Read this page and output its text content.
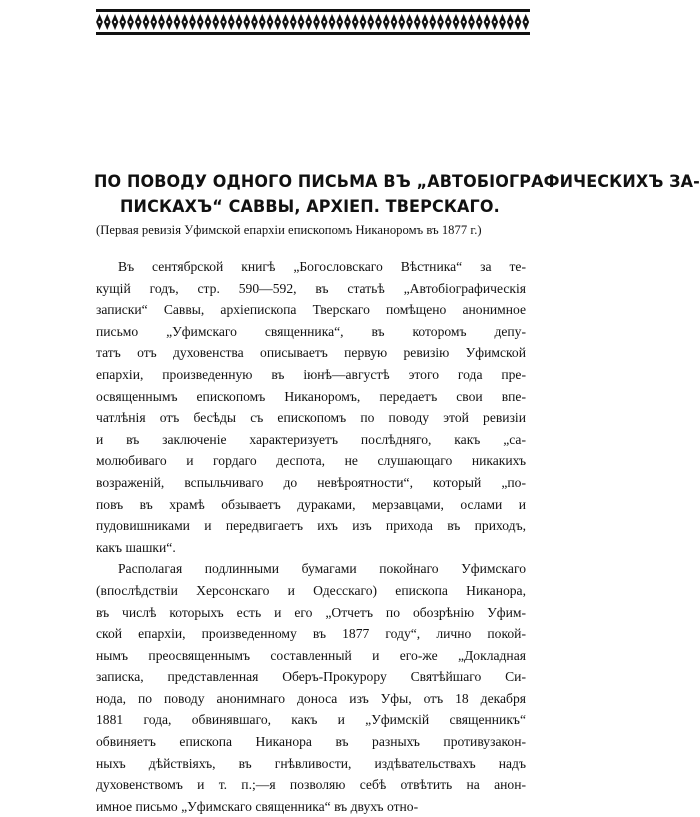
ПО ПОВОДУ ОДНОГО ПИСЬМА ВЪ „АВТОБІОГРАФИЧЕСКИХЪ ЗА-
ПИСКАХЪ“ САВВЫ, АРХІЕП. ТВЕРСКАГО.
(Первая ревизія Уфимской епархіи епископомъ Никаноромъ въ 1877 г.)
Въ сентябрской книгѣ „Богословскаго Вѣстника“ за те-
кущій годъ, стр. 590—592, въ статьѣ „Автобіографическія
записки“ Саввы, архіепископа Тверскаго помѣщено анонимное
письмо „Уфимскаго священника“, въ которомъ депу-
татъ отъ духовенства описываетъ первую ревизію Уфимской
епархіи, произведенную въ іюнѣ—августѣ этого года пре-
освященнымъ епископомъ Никаноромъ, передаетъ свои впе-
чатлѣнія отъ бесѣды съ епископомъ по поводу этой ревизіи
и въ заключеніе характеризуетъ послѣдняго, какъ „са-
молюбиваго и гордаго деспота, не слушающаго никакихъ
возраженій, вспыльчиваго до невѣроятности“, который „по-
повъ въ храмѣ обзываетъ дураками, мерзавцами, ослами и
пудовишниками и передвигаетъ ихъ изъ прихода въ приходъ,
какъ шашки“.
Располагая подлинными бумагами покойнаго Уфимскаго
(впослѣдствіи Херсонскаго и Одесскаго) епископа Никанора,
въ числѣ которыхъ есть и его „Отчетъ по обозрѣнію Уфим-
ской епархіи, произведенному въ 1877 году“, лично покой-
нымъ преосвященнымъ составленный и его-же „Докладная
записка, представленная Оберъ-Прокурору Святѣйшаго Си-
нода, по поводу анонимнаго доноса изъ Уфы, отъ 18 декабря
1881 года, обвинявшаго, какъ и „Уфимскій священникъ“
обвиняетъ епископа Никанора въ разныхъ противузакон-
ныхъ дѣйствіяхъ, въ гнѣвливости, издѣвательствахъ надъ
духовенствомъ и т. п.;—я позволяю себѣ отвѣтить на анон-
имное письмо „Уфимскаго священника“ въ двухъ отно-
